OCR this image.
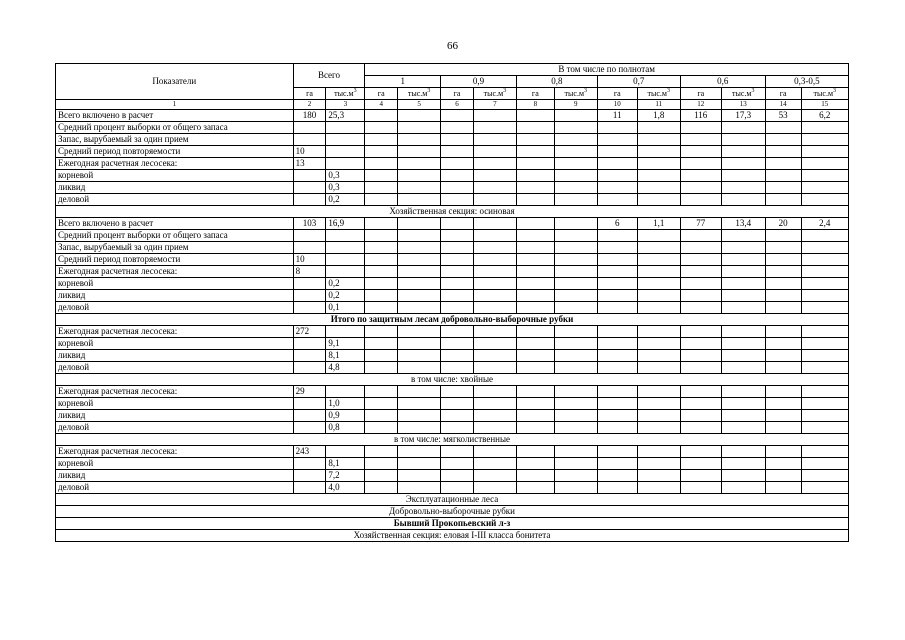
66
Показатели	Всего		В том числе по полнотам											
			1		0,9		0,8		0,7		0,6		0,3-0,5	
	га	$тыс.м^3$	га	$тыс.м^3$	га	$тыс.м^3$	га	$тыс.м^3$	га	$тыс.м^3$	га	$тыс.м^3$	га	$тыс.м^3$
1	2	3	4	5	6	7	8	9	10	11	12	13	14	15
Всего включено в расчет	180	25,3							11	1,8	116	17,3	53	6,2
Средний процент выборки от общего запаса														
Запас, вырубаемый за один прием														
Средний период повторяемости	10													
Ежегодная расчетная лесосека:	13													
корневой		0,3												
ликвид		0,3												
деловой		0,2												
Хозяйственная секция: осиновая														
Всего включено в расчет	103	16,9							6	1,1	77	13,4	20	2,4
Средний процент выборки от общего запаса														
Запас, вырубаемый за один прием														
Средний период повторяемости	10													
Ежегодная расчетная лесосека:	8													
корневой		0,2												
ликвид		0,2												
деловой		0,1												
Итого по защитным лесам добровольно-выборочные рубки														
Ежегодная расчетная лесосека:	272													
корневой		9,1												
ликвид		8,1												
деловой		4,8												
в том числе: хвойные														
Ежегодная расчетная лесосека:	29													
корневой		1,0												
ликвид		0,9												
деловой		0,8												
в том числе: мягколиственные														
Ежегодная расчетная лесосека:	243													
корневой		8,1												
ликвид		7,2												
деловой		4,0												
Эксплуатационные леса														
Добровольно-выборочные рубки														
Бывший Прокопьевский л-з														
Хозяйственная секция: еловая I-III класса бонитета														
